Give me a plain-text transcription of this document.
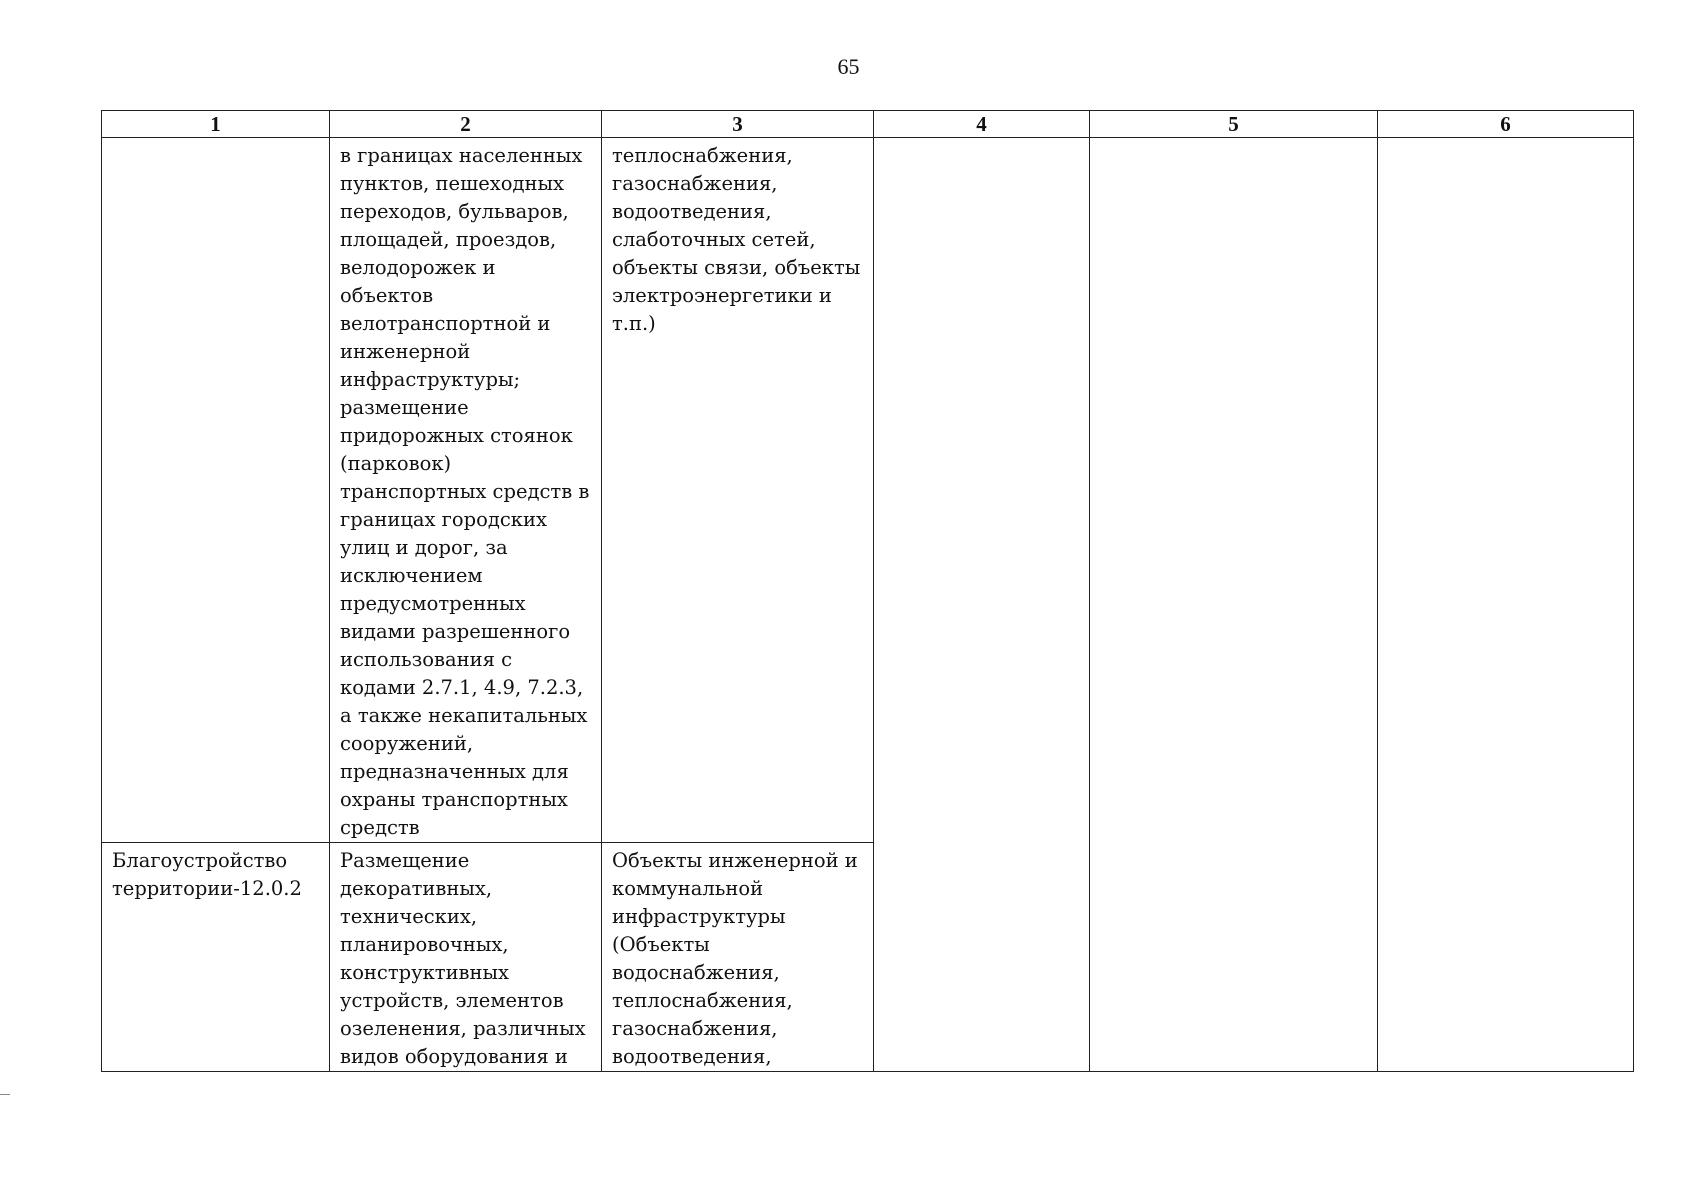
65
1	2	3	4	5	6

	в границах населенных пунктов, пешеходных переходов, бульваров, площадей, проездов, велодорожек и объектов велотранспортной и инженерной инфраструктуры; размещение придорожных стоянок (парковок) транспортных средств в границах городских улиц и дорог, за исключением предусмотренных видами разрешенного использования с кодами 2.7.1, 4.9, 7.2.3, а также некапитальных сооружений, предназначенных для охраны транспортных средств	теплоснабжения, газоснабжения, водоотведения, слаботочных сетей, объекты связи, объекты электроэнергетики и т.п.)			

Благоустройство территории-12.0.2	Размещение декоративных, технических, планировочных, конструктивных устройств, элементов озеленения, различных видов оборудования и	Объекты инженерной и коммунальной инфраструктуры (Объекты водоснабжения, теплоснабжения, газоснабжения, водоотведения,			
